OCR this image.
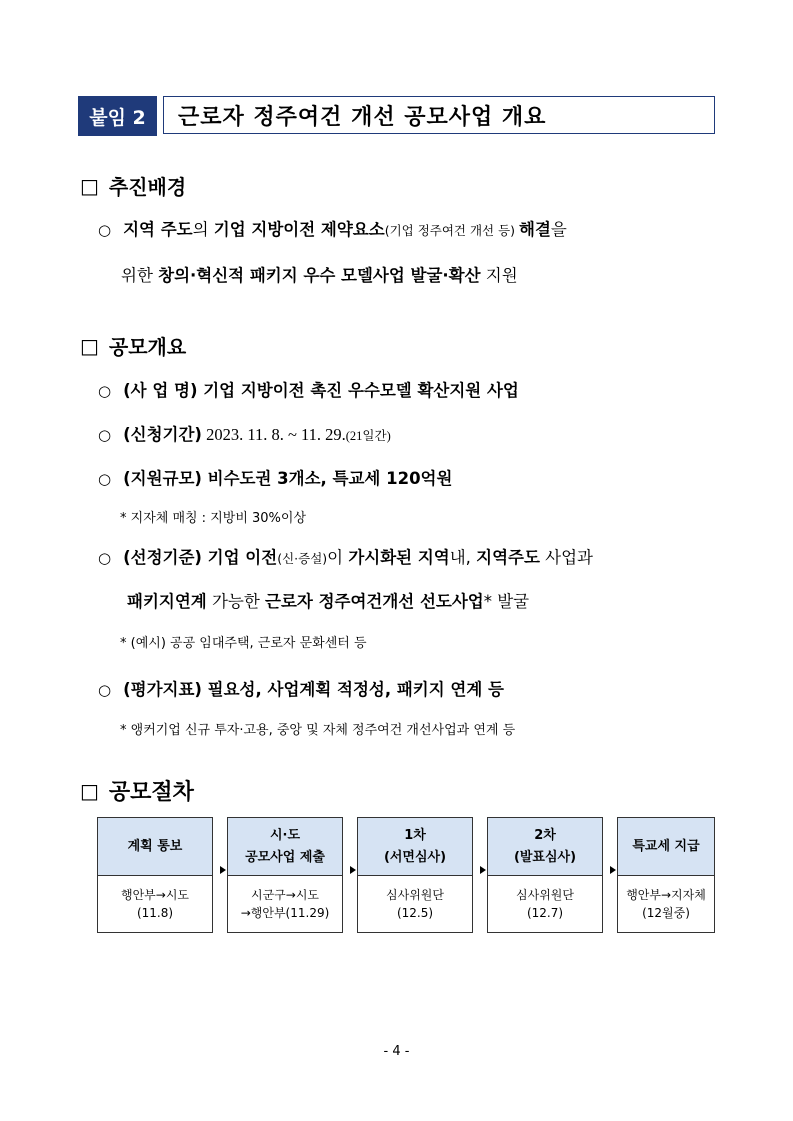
붙임 2	근로자 정주여건 개선 공모사업 개요
□ 추진배경
○ 지역 주도의 기업 지방이전 제약요소(기업 정주여건 개선 등) 해결을
위한 창의·혁신적 패키지 우수 모델사업 발굴·확산 지원
□ 공모개요
○ (사 업 명) 기업 지방이전 촉진 우수모델 확산지원 사업
○ (신청기간) 2023. 11. 8. ~ 11. 29.(21일간)
○ (지원규모) 비수도권 3개소, 특교세 120억원
* 지자체 매칭 : 지방비 30%이상
○ (선정기준) 기업 이전(신·증설)이 가시화된 지역내, 지역주도 사업과
패키지연계 가능한 근로자 정주여건개선 선도사업* 발굴
* (예시) 공공 임대주택, 근로자 문화센터 등
○ (평가지표) 필요성, 사업계획 적정성, 패키지 연계 등
* 앵커기업 신규 투자·고용, 중앙 및 자체 정주여건 개선사업과 연계 등
□ 공모절차
계획 통보
행안부→시도
(11.8)
시·도
공모사업 제출
시군구→시도
→행안부(11.29)
1차
(서면심사)
심사위원단
(12.5)
2차
(발표심사)
심사위원단
(12.7)
특교세 지급
행안부→지자체
(12월중)
- 4 -
